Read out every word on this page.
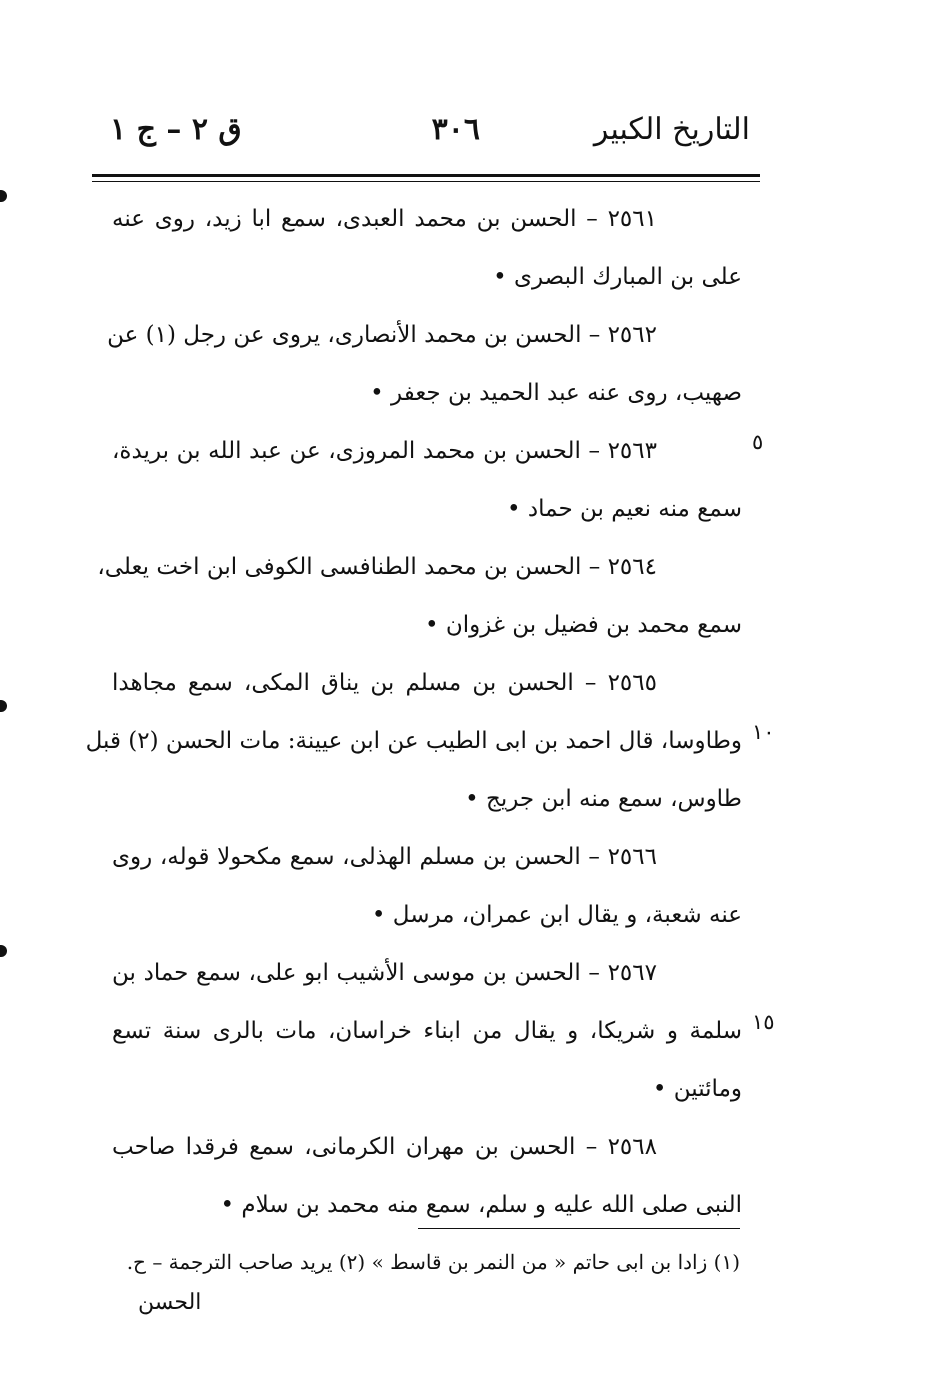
التاريخ الكبير
٣٠٦
ق ٢ – ج ١
٢٥٦١ – الحسن بن محمد العبدی، سمع ابا زید، روی عنه
علی بن المبارك البصری •
٢٥٦٢ – الحسن بن محمد الأنصاری، یروی عن رجل (١) عن
صهیب، روی عنه عبد الحمید بن جعفر •
٢٥٦٣ – الحسن بن محمد المروزی، عن عبد الله بن بریدة،
سمع منه نعیم بن حماد •
٢٥٦٤ – الحسن بن محمد الطنافسی الكوفی ابن اخت یعلی،
سمع محمد بن فضیل بن غزوان •
٢٥٦٥ – الحسن بن مسلم بن یناق المكی، سمع مجاهدا
وطاوسا، قال احمد بن ابی الطیب عن ابن عیینة: مات الحسن (٢) قبل
طاوس، سمع منه ابن جریج •
٢٥٦٦ – الحسن بن مسلم الهذلی، سمع مكحولا قوله، روی
عنه شعبة، و یقال ابن عمران، مرسل •
٢٥٦٧ – الحسن بن موسی الأشیب ابو علی، سمع حماد بن
سلمة و شریكا، و یقال من ابناء خراسان، مات بالری سنة تسع
ومائتین •
٢٥٦٨ – الحسن بن مهران الكرمانی، سمع فرقدا صاحب
النبی صلی الله علیه و سلم، سمع منه محمد بن سلام •
٥
١٠
١٥
(١) زادا بن ابی حاتم « من النمر بن قاسط » (٢) یرید صاحب الترجمة – ح.
الحسن
